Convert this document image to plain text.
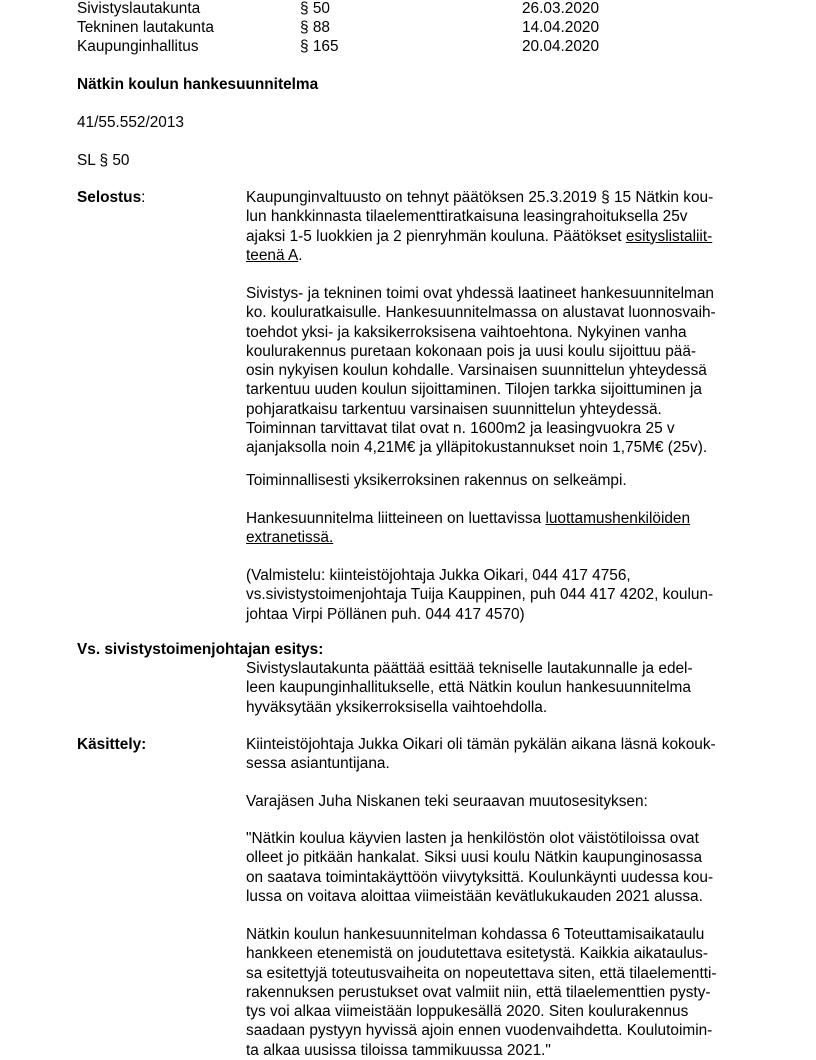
Sivistyslautakunta	§ 50	26.03.2020
Tekninen lautakunta	§ 88	14.04.2020
Kaupunginhallitus	§ 165	20.04.2020
Nätkin koulun hankesuunnitelma
41/55.552/2013
SL § 50
Selostus:	Kaupunginvaltuusto on tehnyt päätöksen 25.3.2019 § 15 Nätkin kou-
lun hankkinnasta tilaelementtiratkaisuna leasingrahoituksella 25v
ajaksi 1-5 luokkien ja 2 pienryhmän kouluna. Päätökset esityslistaliit-
teenä A.
Sivistys- ja tekninen toimi ovat yhdessä laatineet hankesuunnitelman
ko. kouluratkaisulle. Hankesuunnitelmassa on alustavat luonnosvaih-
toehdot yksi- ja kaksikerroksisena vaihtoehtona. Nykyinen vanha
koulurakennus puretaan kokonaan pois ja uusi koulu sijoittuu pää-
osin nykyisen koulun kohdalle. Varsinaisen suunnittelun yhteydessä
tarkentuu uuden koulun sijoittaminen. Tilojen tarkka sijoittuminen ja
pohjaratkaisu tarkentuu varsinaisen suunnittelun yhteydessä.
Toiminnan tarvittavat tilat ovat n. 1600m2 ja leasingvuokra 25 v
ajanjaksolla noin 4,21M€ ja ylläpitokustannukset noin 1,75M€ (25v).
Toiminnallisesti yksikerroksinen rakennus on selkeämpi.
Hankesuunnitelma liitteineen on luettavissa luottamushenkilöiden
extranetissä.
(Valmistelu: kiinteistöjohtaja Jukka Oikari, 044 417 4756,
vs.sivistystoimenjohtaja Tuija Kauppinen, puh 044 417 4202, koulun-
johtaa Virpi Pöllänen puh. 044 417 4570)
Vs. sivistystoimenjohtajan esitys:
Sivistyslautakunta päättää esittää tekniselle lautakunnalle ja edel-
leen kaupunginhallitukselle, että Nätkin koulun hankesuunnitelma
hyväksytään yksikerroksisella vaihtoehdolla.
Käsittely:	Kiinteistöjohtaja Jukka Oikari oli tämän pykälän aikana läsnä kokouk-
sessa asiantuntijana.
Varajäsen Juha Niskanen teki seuraavan muutosesityksen:
"Nätkin koulua käyvien lasten ja henkilöstön olot väistötiloissa ovat
olleet jo pitkään hankalat. Siksi uusi koulu Nätkin kaupunginosassa
on saatava toimintakäyttöön viivytyksittä. Koulunkäynti uudessa kou-
lussa on voitava aloittaa viimeistään kevätlukukauden 2021 alussa.
Nätkin koulun hankesuunnitelman kohdassa 6 Toteuttamisaikataulu
hankkeen etenemistä on joudutettava esitetystä. Kaikkia aikataulus-
sa esitettyjä toteutusvaiheita on nopeutettava siten, että tilaelementti-
rakennuksen perustukset ovat valmiit niin, että tilaelementtien pysty-
tys voi alkaa viimeistään loppukesällä 2020. Siten koulurakennus
saadaan pystyyn hyvissä ajoin ennen vuodenvaihdetta. Koulutoimin-
ta alkaa uusissa tiloissa tammikuussa 2021."
